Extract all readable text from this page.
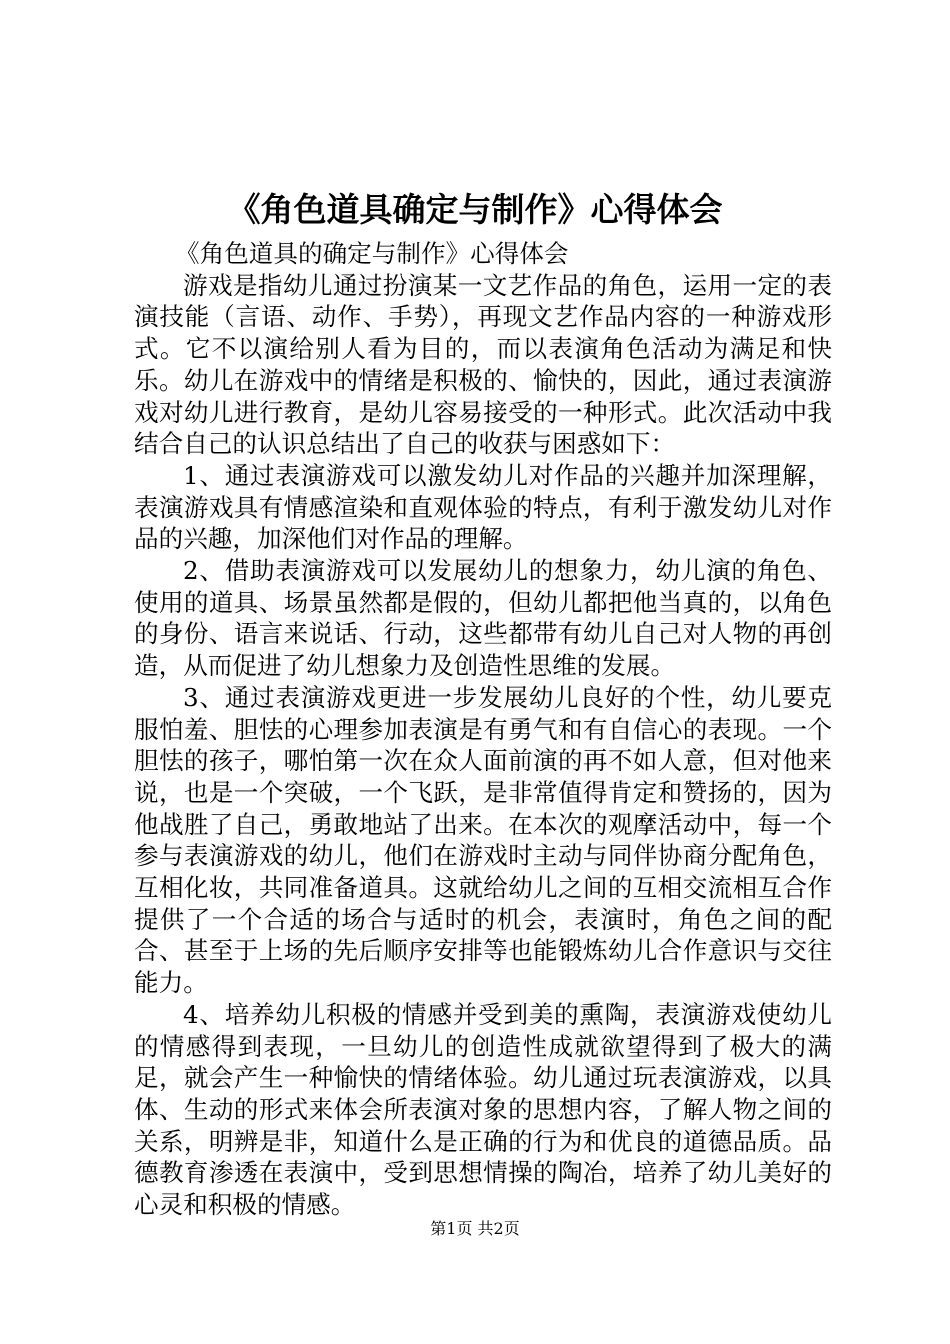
《角色道具确定与制作》心得体会

《角色道具的确定与制作》心得体会

游戏是指幼儿通过扮演某一文艺作品的角色，运用一定的表演技能（言语、动作、手势），再现文艺作品内容的一种游戏形式。它不以演给别人看为目的，而以表演角色活动为满足和快乐。幼儿在游戏中的情绪是积极的、愉快的，因此，通过表演游戏对幼儿进行教育，是幼儿容易接受的一种形式。此次活动中我结合自己的认识总结出了自己的收获与困惑如下：

1、通过表演游戏可以激发幼儿对作品的兴趣并加深理解，表演游戏具有情感渲染和直观体验的特点，有利于激发幼儿对作品的兴趣，加深他们对作品的理解。

2、借助表演游戏可以发展幼儿的想象力，幼儿演的角色、使用的道具、场景虽然都是假的，但幼儿都把他当真的，以角色的身份、语言来说话、行动，这些都带有幼儿自己对人物的再创造，从而促进了幼儿想象力及创造性思维的发展。

3、通过表演游戏更进一步发展幼儿良好的个性，幼儿要克服怕羞、胆怯的心理参加表演是有勇气和有自信心的表现。一个胆怯的孩子，哪怕第一次在众人面前演的再不如人意，但对他来说，也是一个突破，一个飞跃，是非常值得肯定和赞扬的，因为他战胜了自己，勇敢地站了出来。在本次的观摩活动中，每一个参与表演游戏的幼儿，他们在游戏时主动与同伴协商分配角色，互相化妆，共同准备道具。这就给幼儿之间的互相交流相互合作提供了一个合适的场合与适时的机会，表演时，角色之间的配合、甚至于上场的先后顺序安排等也能锻炼幼儿合作意识与交往能力。

4、培养幼儿积极的情感并受到美的熏陶，表演游戏使幼儿的情感得到表现，一旦幼儿的创造性成就欲望得到了极大的满足，就会产生一种愉快的情绪体验。幼儿通过玩表演游戏，以具体、生动的形式来体会所表演对象的思想内容，了解人物之间的关系，明辨是非，知道什么是正确的行为和优良的道德品质。品德教育渗透在表演中，受到思想情操的陶冶，培养了幼儿美好的心灵和积极的情感。

第1页 共2页
